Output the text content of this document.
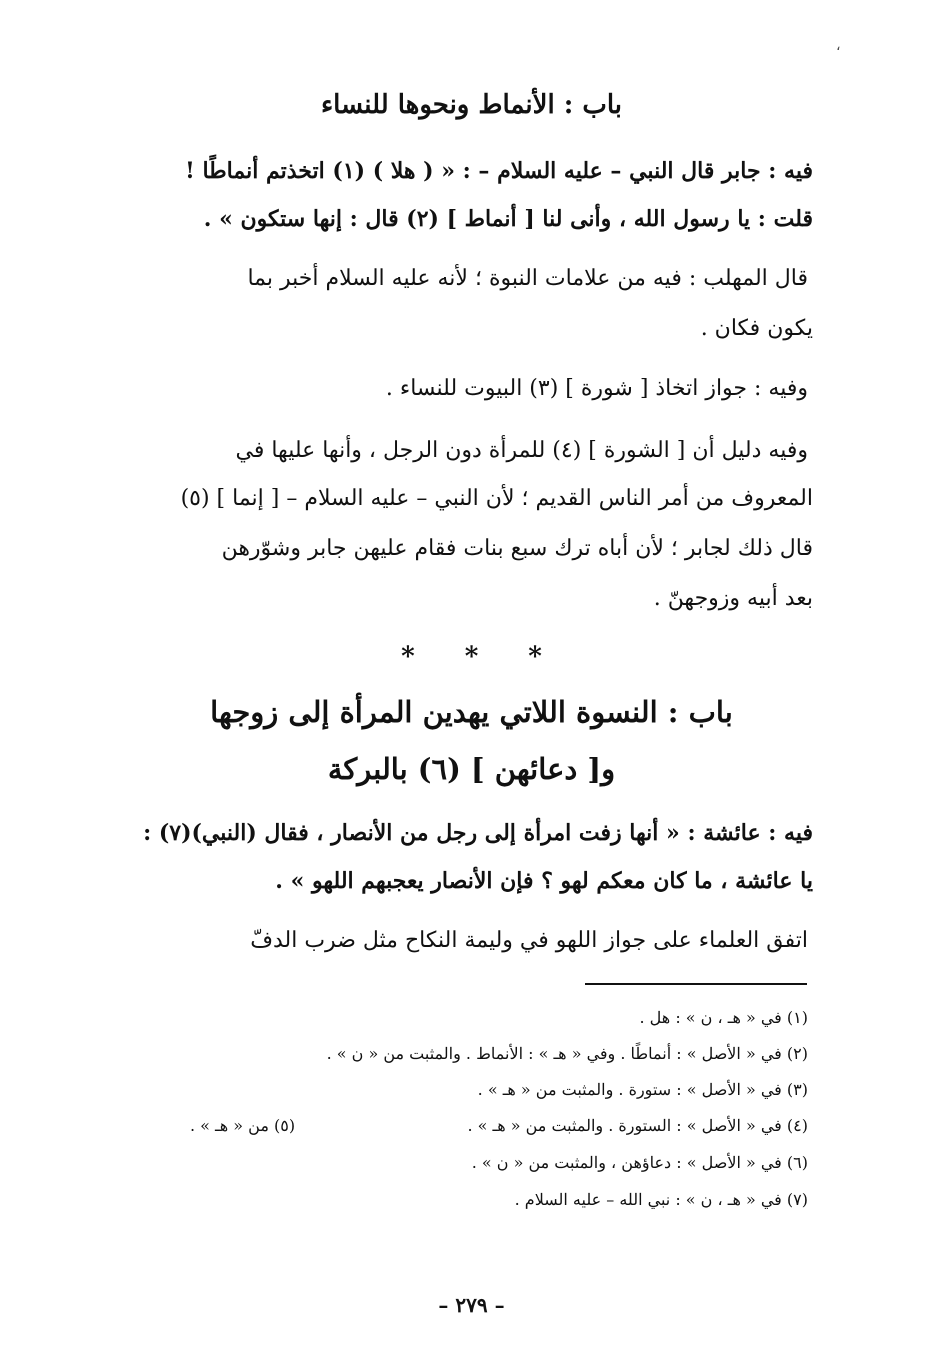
،
باب : الأنماط ونحوها للنساء
فيه : جابر قال النبي – عليه السلام – : « ( هلا ) (١) اتخذتم أنماطًا !
قلت : يا رسول الله ، وأنى لنا [ أنماط ] (٢) قال : إنها ستكون » .
قال المهلب : فيه من علامات النبوة ؛ لأنه عليه السلام أخبر بما
يكون فكان .
وفيه : جواز اتخاذ [ شورة ] (٣) البيوت للنساء .
وفيه دليل أن [ الشورة ] (٤) للمرأة دون الرجل ، وأنها عليها في
المعروف من أمر الناس القديم ؛ لأن النبي – عليه السلام – [ إنما ] (٥)
قال ذلك لجابر ؛ لأن أباه ترك سبع بنات فقام عليهن جابر وشوّرهن
بعد أبيه وزوجهنّ .
***
باب : النسوة اللاتي يهدين المرأة إلى زوجها
و[ دعائهن ] (٦) بالبركة
فيه : عائشة : « أنها زفت امرأة إلى رجل من الأنصار ، فقال (النبي)(٧) :
يا عائشة ، ما كان معكم لهو ؟ فإن الأنصار يعجبهم اللهو » .
اتفق العلماء على جواز اللهو في وليمة النكاح مثل ضرب الدفّ
(١) في « هـ ، ن » : هل .
(٢) في « الأصل » : أنماطًا . وفي « هـ » : الأنماط . والمثبت من « ن » .
(٣) في « الأصل » : ستورة . والمثبت من « هـ » .
(٤) في « الأصل » : الستورة . والمثبت من « هـ » .
(٥) من « هـ » .
(٦) في « الأصل » : دعاؤهن ، والمثبت من « ن » .
(٧) في « هـ ، ن » : نبي الله – عليه السلام .
– ٢٧٩ –
